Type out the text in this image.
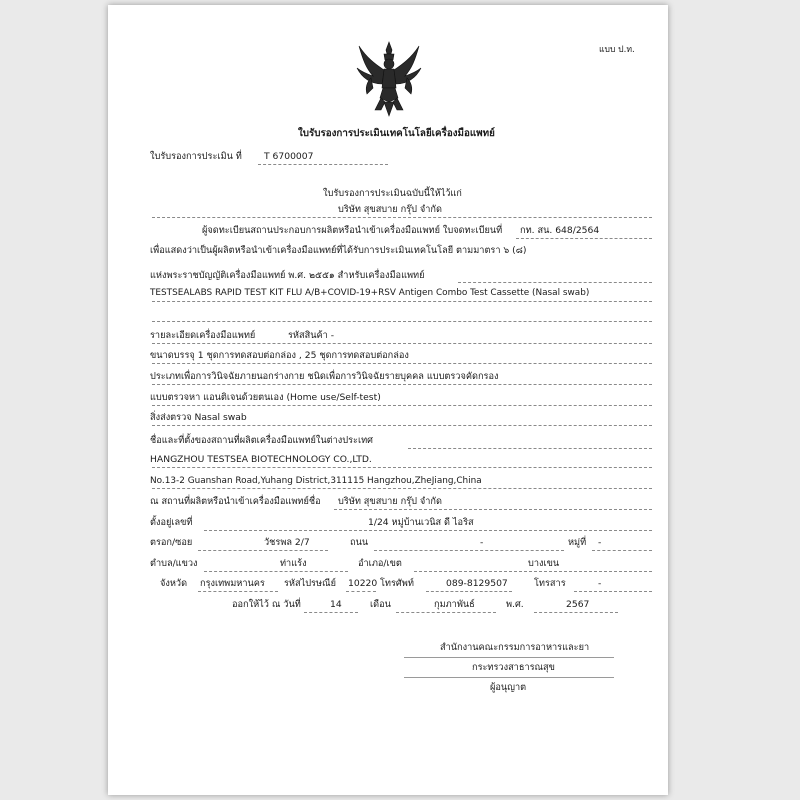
แบบ ป.ท.
ใบรับรองการประเมินเทคโนโลยีเครื่องมือแพทย์
ใบรับรองการประเมิน ที่ T 6700007
ใบรับรองการประเมินฉบับนี้ให้ไว้แก่
บริษัท สุขสบาย กรุ๊ป จำกัด
ผู้จดทะเบียนสถานประกอบการผลิตหรือนำเข้าเครื่องมือแพทย์ ใบจดทะเบียนที่ กท. สน. 648/2564
เพื่อแสดงว่าเป็นผู้ผลิตหรือนำเข้าเครื่องมือแพทย์ที่ได้รับการประเมินเทคโนโลยี ตามมาตรา ๖ (๘)
แห่งพระราชบัญญัติเครื่องมือแพทย์ พ.ศ. ๒๕๕๑ สำหรับเครื่องมือแพทย์
TESTSEALABS RAPID TEST KIT FLU A/B+COVID-19+RSV Antigen Combo Test Cassette (Nasal swab)
รายละเอียดเครื่องมือแพทย์	รหัสสินค้า -
ขนาดบรรจุ 1 ชุดการทดสอบต่อกล่อง , 25 ชุดการทดสอบต่อกล่อง
ประเภทเพื่อการวินิจฉัยภายนอกร่างกาย ชนิดเพื่อการวินิจฉัยรายบุคคล แบบตรวจคัดกรอง
แบบตรวจหา แอนติเจนด้วยตนเอง (Home use/Self-test)
สิ่งส่งตรวจ Nasal swab
ชื่อและที่ตั้งของสถานที่ผลิตเครื่องมือแพทย์ในต่างประเทศ
HANGZHOU TESTSEA BIOTECHNOLOGY CO.,LTD.
No.13-2 Guanshan Road,Yuhang District,311115 Hangzhou,ZheJiang,China
ณ สถานที่ผลิตหรือนำเข้าเครื่องมือแพทย์ชื่อ บริษัท สุขสบาย กรุ๊ป จำกัด
ตั้งอยู่เลขที่	1/24 หมู่บ้านเวนิส ดี ไอริส
ตรอก/ซอย	วัชรพล 2/7	ถนน	-	หมู่ที่ -
ตำบล/แขวง	ท่าแร้ง	อำเภอ/เขต	บางเขน
จังหวัด กรุงเทพมหานคร รหัสไปรษณีย์ 10220 โทรศัพท์	089-8129507	โทรสาร	-
ออกให้ไว้ ณ วันที่	14	เดือน	กุมภาพันธ์	พ.ศ.	2567
สำนักงานคณะกรรมการอาหารและยา
กระทรวงสาธารณสุข
ผู้อนุญาต
